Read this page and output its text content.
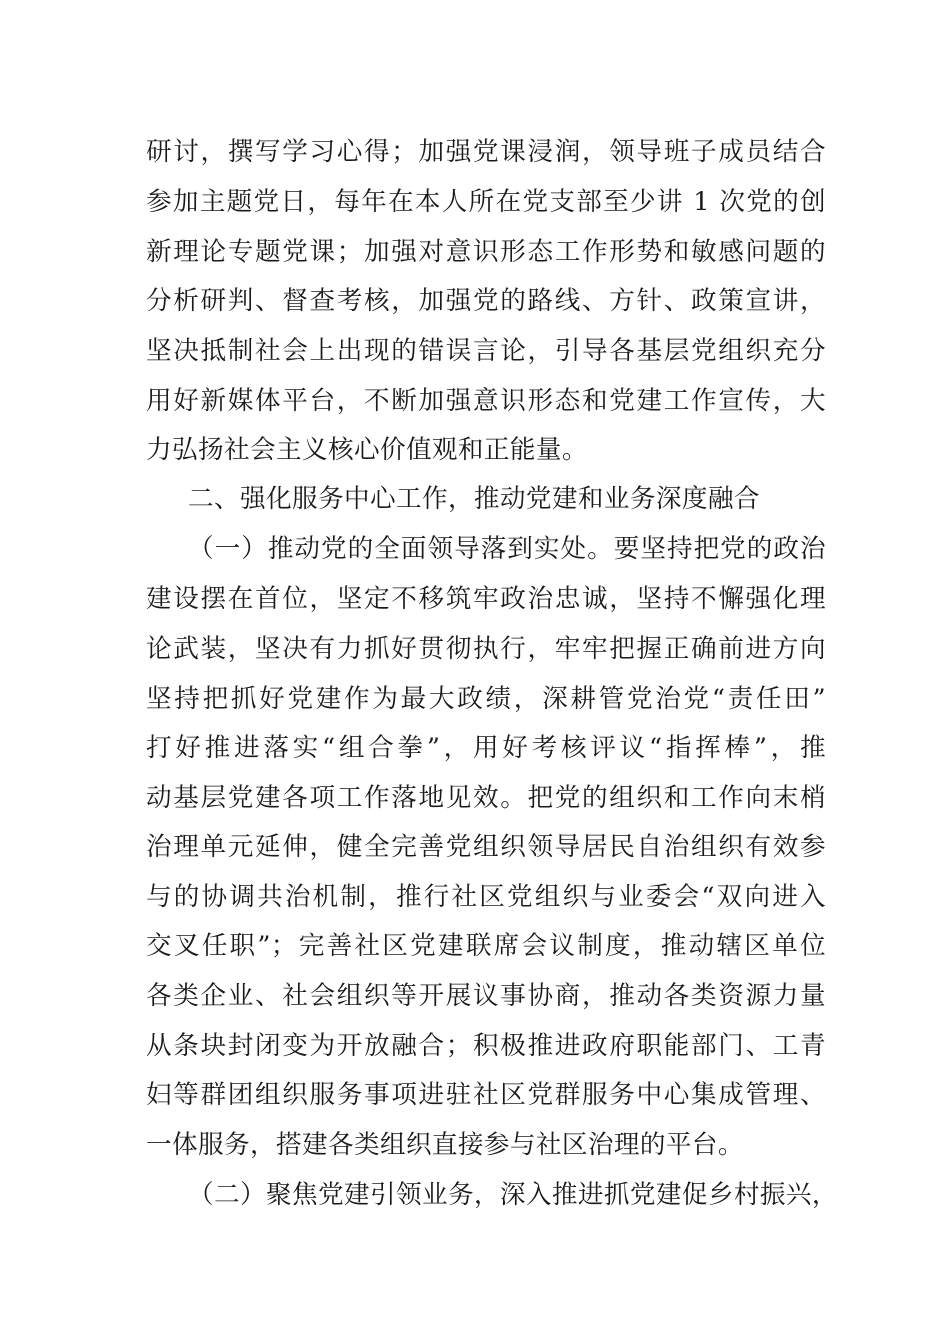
研讨，撰写学习心得；加强党课浸润，领导班子成员结合
参加主题党日，每年在本人所在党支部至少讲 1 次党的创
新理论专题党课；加强对意识形态工作形势和敏感问题的
分析研判、督查考核，加强党的路线、方针、政策宣讲，
坚决抵制社会上出现的错误言论，引导各基层党组织充分
用好新媒体平台，不断加强意识形态和党建工作宣传，大
力弘扬社会主义核心价值观和正能量。
二、强化服务中心工作，推动党建和业务深度融合
（一）推动党的全面领导落到实处。要坚持把党的政治
建设摆在首位，坚定不移筑牢政治忠诚，坚持不懈强化理
论武装，坚决有力抓好贯彻执行，牢牢把握正确前进方向
坚持把抓好党建作为最大政绩，深耕管党治党“责任田”
打好推进落实“组合拳”，用好考核评议“指挥棒”，推
动基层党建各项工作落地见效。把党的组织和工作向末梢
治理单元延伸，健全完善党组织领导居民自治组织有效参
与的协调共治机制，推行社区党组织与业委会“双向进入
交叉任职”；完善社区党建联席会议制度，推动辖区单位
各类企业、社会组织等开展议事协商，推动各类资源力量
从条块封闭变为开放融合；积极推进政府职能部门、工青
妇等群团组织服务事项进驻社区党群服务中心集成管理、
一体服务，搭建各类组织直接参与社区治理的平台。
（二）聚焦党建引领业务，深入推进抓党建促乡村振兴，
